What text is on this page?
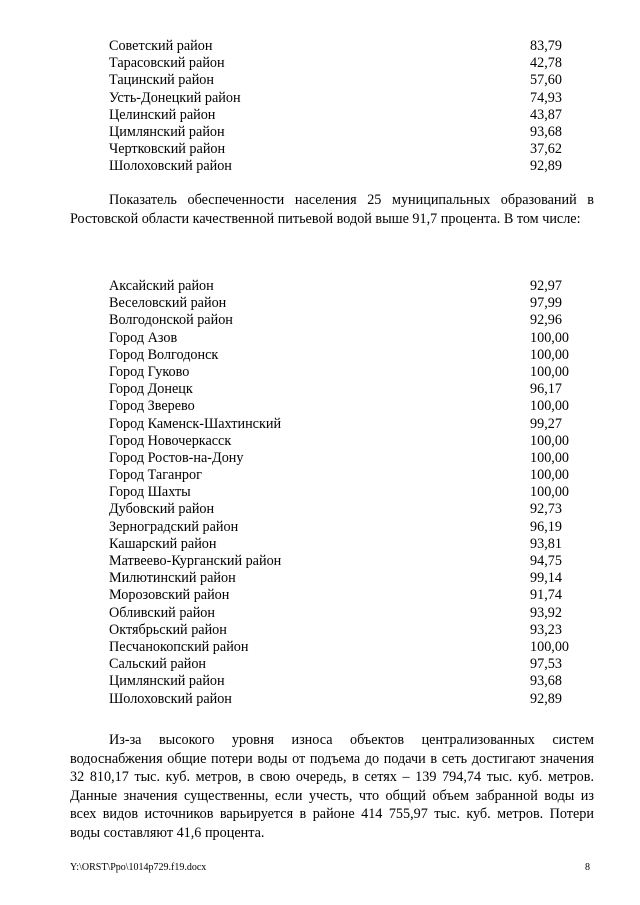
Советский район	83,79
Тарасовский район	42,78
Тацинский район	57,60
Усть-Донецкий район	74,93
Целинский район	43,87
Цимлянский район	93,68
Чертковский район	37,62
Шолоховский район	92,89

Показатель обеспеченности населения 25 муниципальных образований в Ростовской области качественной питьевой водой выше 91,7 процента. В том числе:

Аксайский район	92,97
Веселовский район	97,99
Волгодонской район	92,96
Город Азов	100,00
Город Волгодонск	100,00
Город Гуково	100,00
Город Донецк	96,17
Город Зверево	100,00
Город Каменск-Шахтинский	99,27
Город Новочеркасск	100,00
Город Ростов-на-Дону	100,00
Город Таганрог	100,00
Город Шахты	100,00
Дубовский район	92,73
Зерноградский район	96,19
Кашарский район	93,81
Матвеево-Курганский район	94,75
Милютинский район	99,14
Морозовский район	91,74
Обливский район	93,92
Октябрьский район	93,23
Песчанокопский район	100,00
Сальский район	97,53
Цимлянский район	93,68
Шолоховский район	92,89

Из-за высокого уровня износа объектов централизованных систем водоснабжения общие потери воды от подъема до подачи в сеть достигают значения 32 810,17 тыс. куб. метров, в свою очередь, в сетях – 139 794,74 тыс. куб. метров. Данные значения существенны, если учесть, что общий объем забранной воды из всех видов источников варьируется в районе 414 755,97 тыс. куб. метров. Потери воды составляют 41,6 процента.

Y:\ORST\Ppo\1014p729.f19.docx	8
